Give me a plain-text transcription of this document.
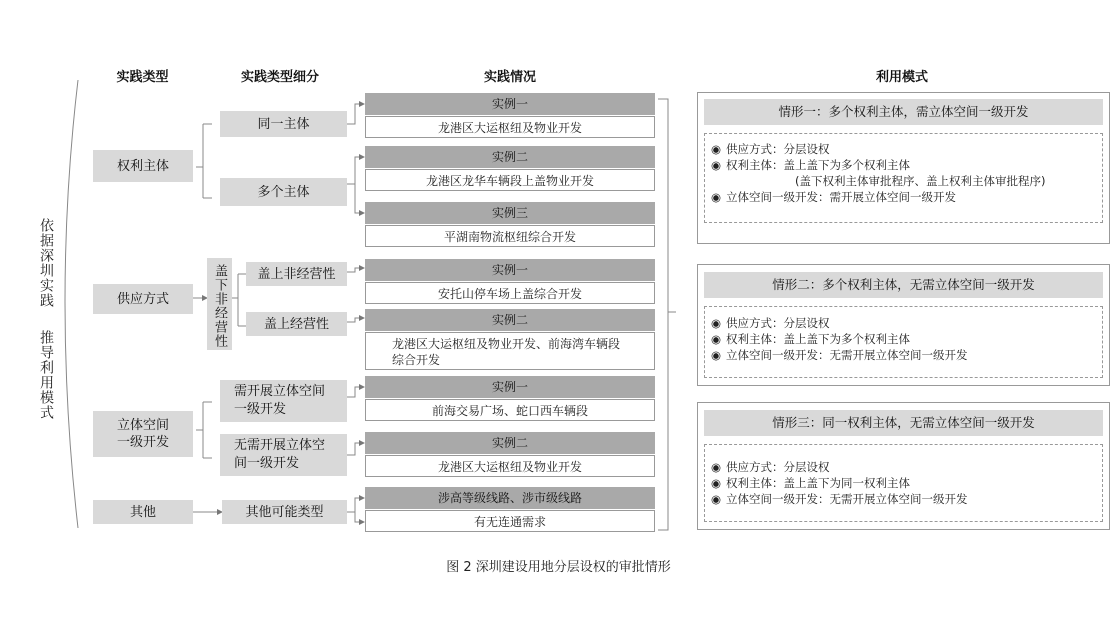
依据深圳实践
推导利用模式
实践类型	实践类型细分	实践情况	利用模式
权利主体
供应方式
立体空间
一级开发
其他
同一主体
多个主体
盖下非经营性	盖上非经营性
盖上经营性
需开展立体空间
一级开发
无需开展立体空
间一级开发
其他可能类型
实例一
龙港区大运枢纽及物业开发
实例二
龙港区龙华车辆段上盖物业开发
实例三
平湖南物流枢纽综合开发
实例一
安托山停车场上盖综合开发
实例二
龙港区大运枢纽及物业开发、前海湾车辆段
综合开发
实例一
前海交易广场、蛇口西车辆段
实例二
龙港区大运枢纽及物业开发
涉高等级线路、涉市级线路
有无连通需求
情形一：多个权利主体，需立体空间一级开发
◉ 供应方式：分层设权
◉ 权利主体：盖上盖下为多个权利主体
(盖下权利主体审批程序、盖上权利主体审批程序)
◉ 立体空间一级开发：需开展立体空间一级开发
情形二：多个权利主体，无需立体空间一级开发
◉ 供应方式：分层设权
◉ 权利主体：盖上盖下为多个权利主体
◉ 立体空间一级开发：无需开展立体空间一级开发
情形三：同一权利主体，无需立体空间一级开发
◉ 供应方式：分层设权
◉ 权利主体：盖上盖下为同一权利主体
◉ 立体空间一级开发：无需开展立体空间一级开发
图 2 深圳建设用地分层设权的审批情形
